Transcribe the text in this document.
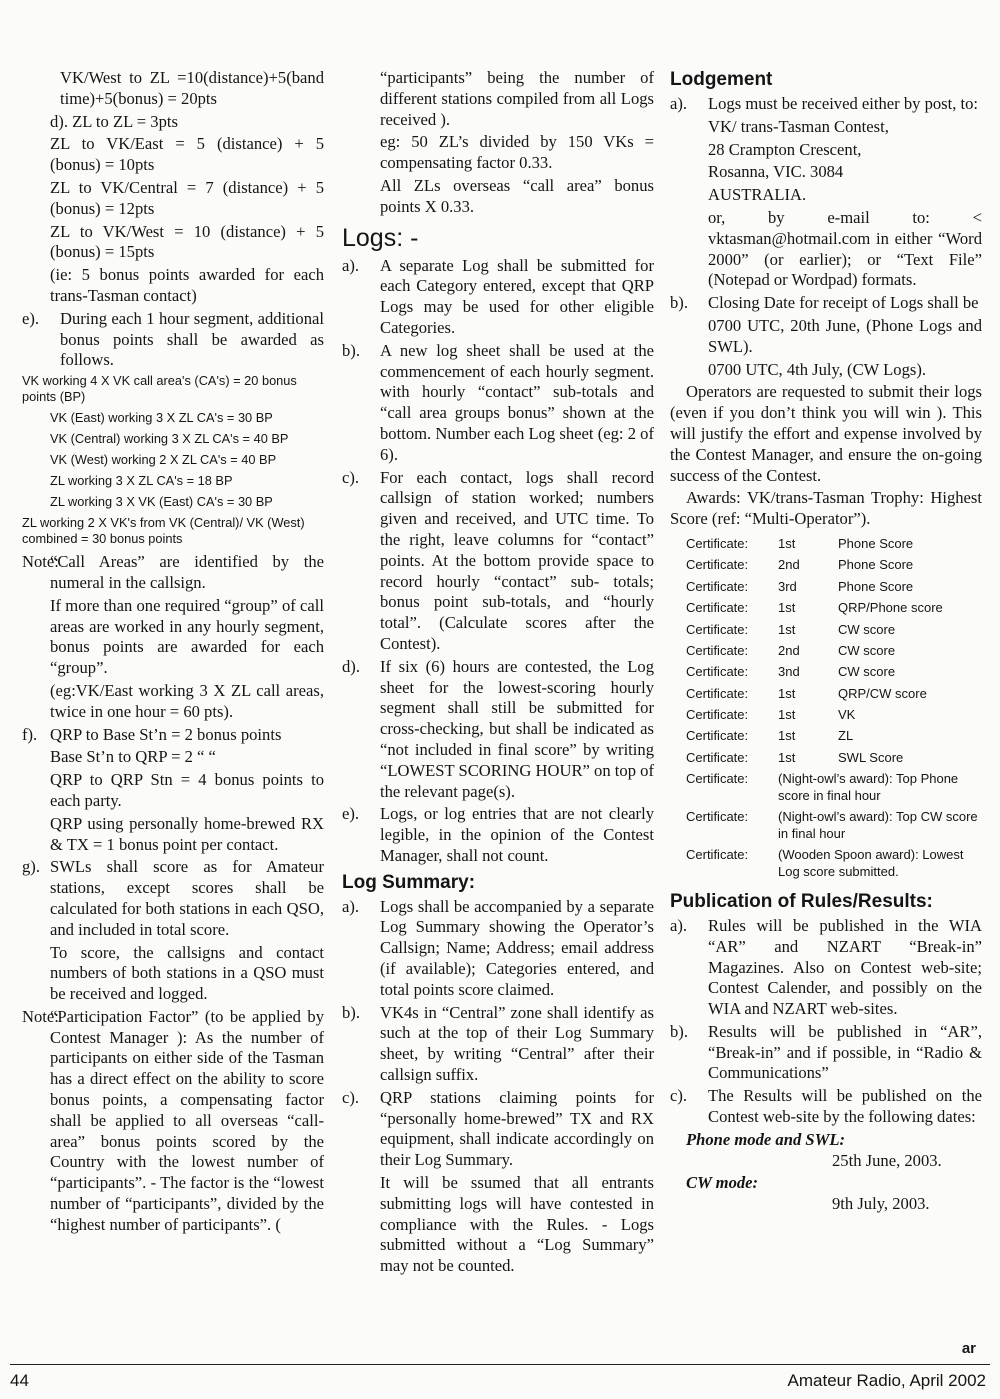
VK/West to ZL =10(distance)+5(band time)+5(bonus) = 20pts

d). ZL to ZL = 3pts

ZL to VK/East = 5 (distance) + 5 (bonus) = 10pts

ZL to VK/Central = 7 (distance) + 5 (bonus) = 12pts

ZL to VK/West = 10 (distance) + 5 (bonus) = 15pts

(ie: 5 bonus points awarded for each trans-Tasman contact)

e). During each 1 hour segment, additional bonus points shall be awarded as follows.

VK working 4 X VK call area's (CA's) = 20 bonus points (BP)

VK (East) working 3 X ZL CA's = 30 BP

VK (Central) working 3 X ZL CA's = 40 BP

VK (West) working 2 X ZL CA's = 40 BP

ZL working 3 X ZL CA's = 18 BP

ZL working 3 X VK (East) CA's = 30 BP

ZL working 2 X VK's from VK (Central)/ VK (West) combined = 30 bonus points

Note:
“Call Areas” are identified by the numeral in the callsign.

If more than one required “group” of call areas are worked in any hourly segment, bonus points are awarded for each “group”.

(eg:VK/East working 3 X ZL call areas, twice in one hour = 60 pts).

f). QRP to Base St’n = 2 bonus points

Base St’n to QRP = 2 “ “

QRP to QRP Stn = 4 bonus points to each party.

QRP using personally home-brewed RX & TX = 1 bonus point per contact.

g). SWLs shall score as for Amateur stations, except scores shall be calculated for both stations in each QSO, and included in total score.

To score, the callsigns and contact numbers of both stations in a QSO must be received and logged.

Note:
“Participation Factor” (to be applied by Contest Manager ): As the number of participants on either side of the Tasman has a direct effect on the ability to score bonus points, a compensating factor shall be applied to all overseas “call-area” bonus points scored by the Country with the lowest number of “participants”. - The factor is the “lowest number of “participants”, divided by the “highest number of participants”. (

“participants” being the number of different stations compiled from all Logs received ).

eg: 50 ZL’s divided by 150 VKs = compensating factor 0.33.

All ZLs overseas “call area” bonus points X 0.33.

Logs: -
a). A separate Log shall be submitted for each Category entered, except that QRP Logs may be used for other eligible Categories.
b). A new log sheet shall be used at the commencement of each hourly segment. with hourly “contact” sub-totals and “call area groups bonus” shown at the bottom. Number each Log sheet (eg: 2 of 6).
c). For each contact, logs shall record callsign of station worked; numbers given and received, and UTC time. To the right, leave columns for “contact” points. At the bottom provide space to record hourly “contact” sub- totals; bonus point sub-totals, and “hourly total”. (Calculate scores after the Contest).
d). If six (6) hours are contested, the Log sheet for the lowest-scoring hourly segment shall still be submitted for cross-checking, but shall be indicated as “not included in final score” by writing “LOWEST SCORING HOUR” on top of the relevant page(s).
e). Logs, or log entries that are not clearly legible, in the opinion of the Contest Manager, shall not count.
Log Summary:
a). Logs shall be accompanied by a separate Log Summary showing the Operator’s Callsign; Name; Address; email address (if available); Categories entered, and total points score claimed.
b). VK4s in “Central” zone shall identify as such at the top of their Log Summary sheet, by writing “Central” after their callsign suffix.
c). QRP stations claiming points for “personally home-brewed” TX and RX equipment, shall indicate accordingly on their Log Summary.

It will be ssumed that all entrants submitting logs will have contested in compliance with the Rules. - Logs submitted without a “Log Summary” may not be counted.

Lodgement
a). Logs must be received either by post, to:

VK/ trans-Tasman Contest,

28 Crampton Crescent,

Rosanna, VIC. 3084

AUSTRALIA.

or, by e-mail to: < vktasman@hotmail.com in either “Word 2000” (or earlier); or “Text File” (Notepad or Wordpad) formats.

b). Closing Date for receipt of Logs shall be

0700 UTC, 20th June, (Phone Logs and SWL).

0700 UTC, 4th July, (CW Logs).

Operators are requested to submit their logs (even if you don’t think you will win ). This will justify the effort and expense involved by the Contest Manager, and ensure the on-going success of the Contest.

Awards: VK/trans-Tasman Trophy: Highest Score (ref: “Multi-Operator”).

Certificate:	1st	Phone Score
Certificate:	2nd	Phone Score
Certificate:	3rd	Phone Score
Certificate:	1st	QRP/Phone score
Certificate:	1st	CW score
Certificate:	2nd	CW score
Certificate:	3nd	CW score
Certificate:	1st	QRP/CW score
Certificate:	1st	VK
Certificate:	1st	ZL
Certificate:	1st	SWL Score
Certificate:	(Night-owl’s award): Top Phone score in final hour	
Certificate:	(Night-owl’s award): Top CW score in final hour	
Certificate:	(Wooden Spoon award): Lowest Log score submitted.	
Publication of Rules/Results:
a). Rules will be published in the WIA “AR” and NZART “Break-in” Magazines. Also on Contest web-site; Contest Calender, and possibly on the WIA and NZART web-sites.
b). Results will be published in “AR”, “Break-in” and if possible, in “Radio & Communications”
c). The Results will be published on the Contest web-site by the following dates:

Phone mode and SWL:

25th June, 2003.

CW mode:

9th July, 2003.

ar
44	Amateur Radio, April 2002
